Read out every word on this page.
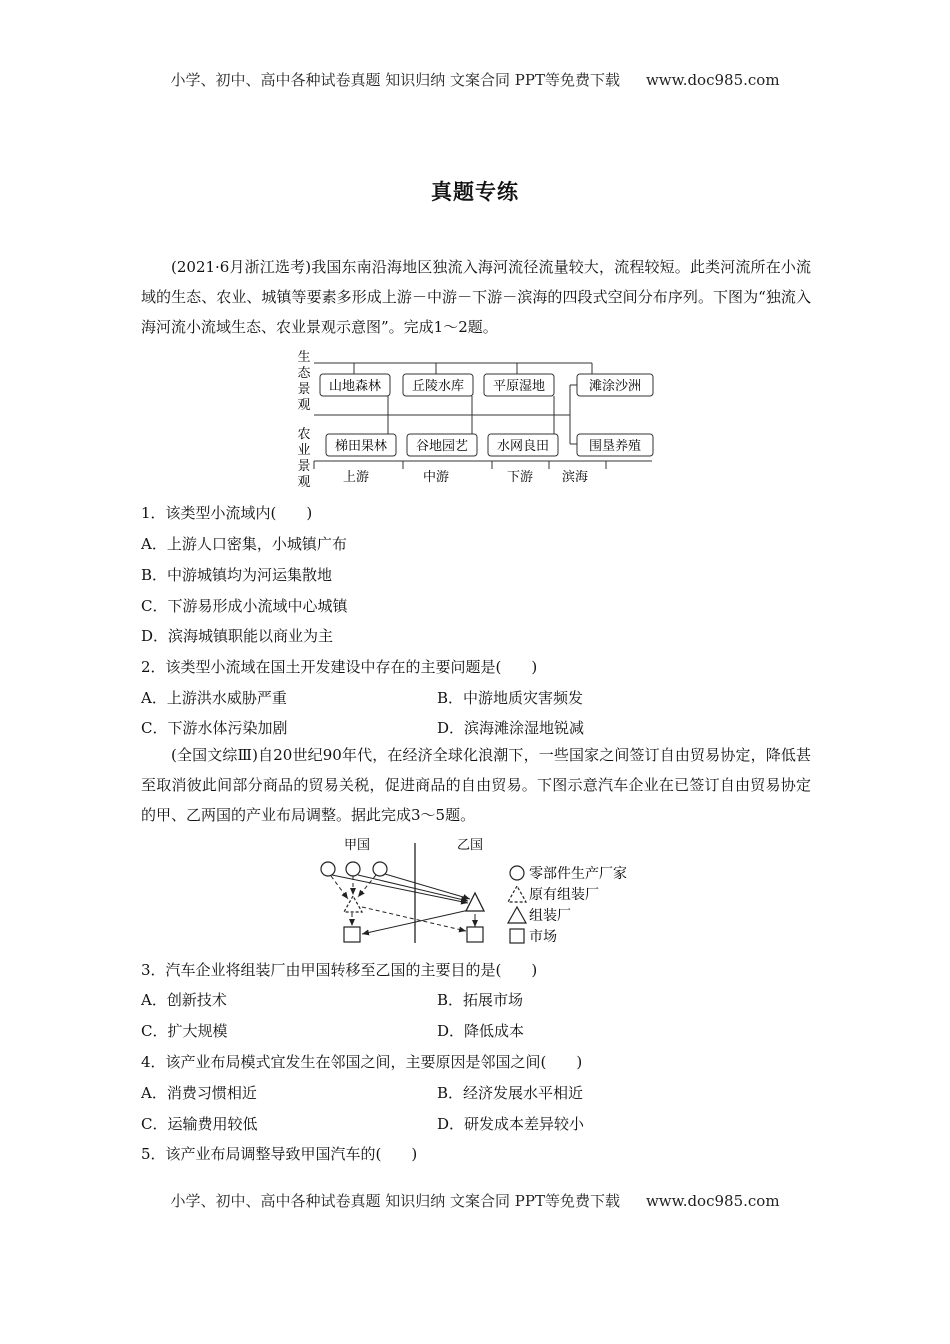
小学、初中、高中各种试卷真题 知识归纳 文案合同 PPT等免费下载 www.doc985.com
真题专练

(2021·6月浙江选考)我国东南沿海地区独流入海河流径流量较大，流程较短。此类河流所在小流域的生态、农业、城镇等要素多形成上游－中游－下游－滨海的四段式空间分布序列。下图为“独流入海河流小流域生态、农业景观示意图”。完成1～2题。

生
态
景
观
农
业
景
观
山地森林 丘陵水库 平原湿地	滩涂沙洲
梯田果林 谷地园艺 水网良田	围垦养殖
上游	中游	下游 滨海
1．该类型小流域内(　　)
A．上游人口密集，小城镇广布
B．中游城镇均为河运集散地
C．下游易形成小流域中心城镇
D．滨海城镇职能以商业为主
2．该类型小流域在国土开发建设中存在的主要问题是(　　)
A．上游洪水威胁严重	B．中游地质灾害频发
C．下游水体污染加剧	D．滨海滩涂湿地锐减

(全国文综Ⅲ)自20世纪90年代，在经济全球化浪潮下，一些国家之间签订自由贸易协定，降低甚至取消彼此间部分商品的贸易关税，促进商品的自由贸易。下图示意汽车企业在已签订自由贸易协定的甲、乙两国的产业布局调整。据此完成3～5题。

甲国	乙国
零部件生产厂家
原有组装厂
组装厂
市场
3．汽车企业将组装厂由甲国转移至乙国的主要目的是(　　)
A．创新技术	B．拓展市场
C．扩大规模	D．降低成本
4．该产业布局模式宜发生在邻国之间，主要原因是邻国之间(　　)
A．消费习惯相近	B．经济发展水平相近
C．运输费用较低	D．研发成本差异较小
5．该产业布局调整导致甲国汽车的(　　)
小学、初中、高中各种试卷真题 知识归纳 文案合同 PPT等免费下载 www.doc985.com
